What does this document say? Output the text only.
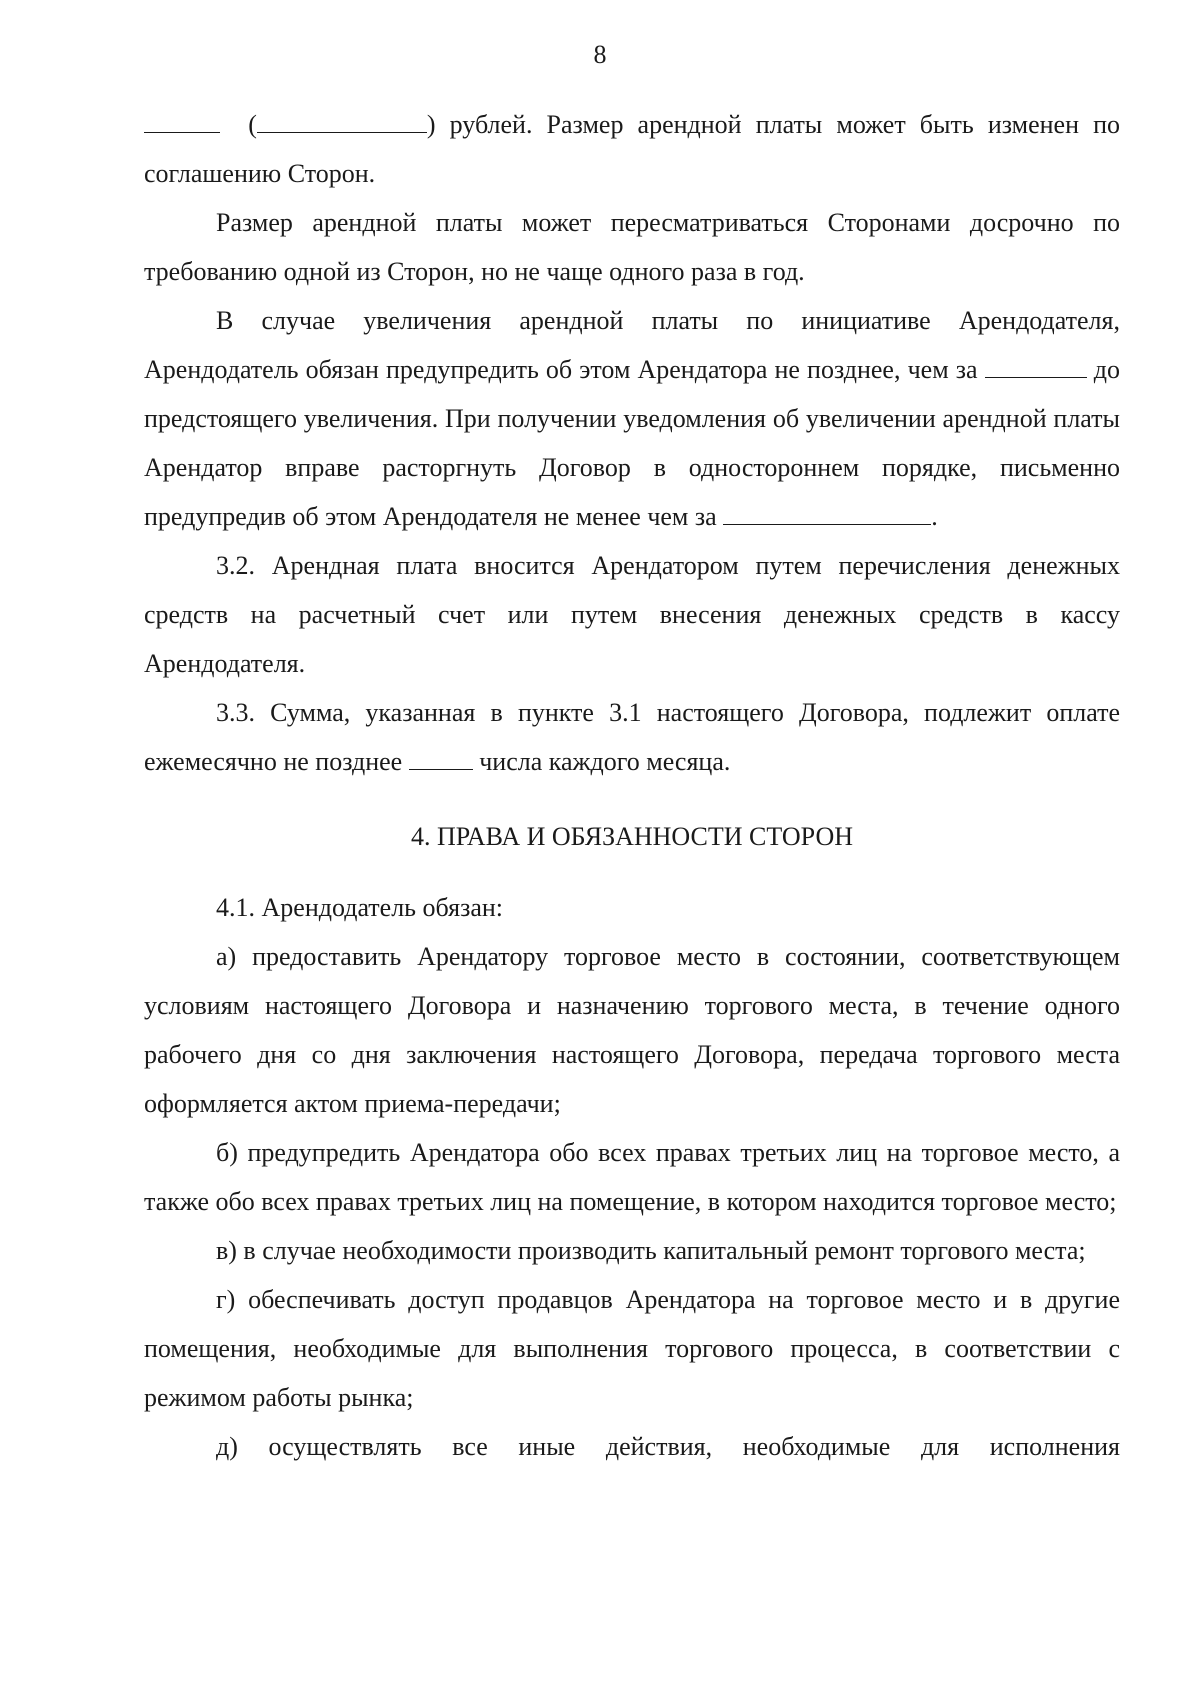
8

(	) рублей. Размер арендной платы может быть изменен по соглашению Сторон.

Размер арендной платы может пересматриваться Сторонами досрочно по требованию одной из Сторон, но не чаще одного раза в год.

В случае увеличения арендной платы по инициативе Арендодателя, Арендодатель обязан предупредить об этом Арендатора не позднее, чем за	до предстоящего увеличения. При получении уведомления об увеличении арендной платы Арендатор вправе расторгнуть Договор в одностороннем порядке, письменно предупредив об этом Арендодателя не менее чем за	.

3.2. Арендная плата вносится Арендатором путем перечисления денежных средств на расчетный счет или путем внесения денежных средств в кассу Арендодателя.

3.3. Сумма, указанная в пункте 3.1 настоящего Договора, подлежит оплате ежемесячно не позднее	числа каждого месяца.

4. ПРАВА И ОБЯЗАННОСТИ СТОРОН

4.1. Арендодатель обязан:

а) предоставить Арендатору торговое место в состоянии, соответствующем условиям настоящего Договора и назначению торгового места, в течение одного рабочего дня со дня заключения настоящего Договора, передача торгового места оформляется актом приема-передачи;

б) предупредить Арендатора обо всех правах третьих лиц на торговое место, а также обо всех правах третьих лиц на помещение, в котором находится торговое место;

в) в случае необходимости производить капитальный ремонт торгового места;

г) обеспечивать доступ продавцов Арендатора на торговое место и в другие помещения, необходимые для выполнения торгового процесса, в соответствии с режимом работы рынка;

д) осуществлять все иные действия, необходимые для исполнения
